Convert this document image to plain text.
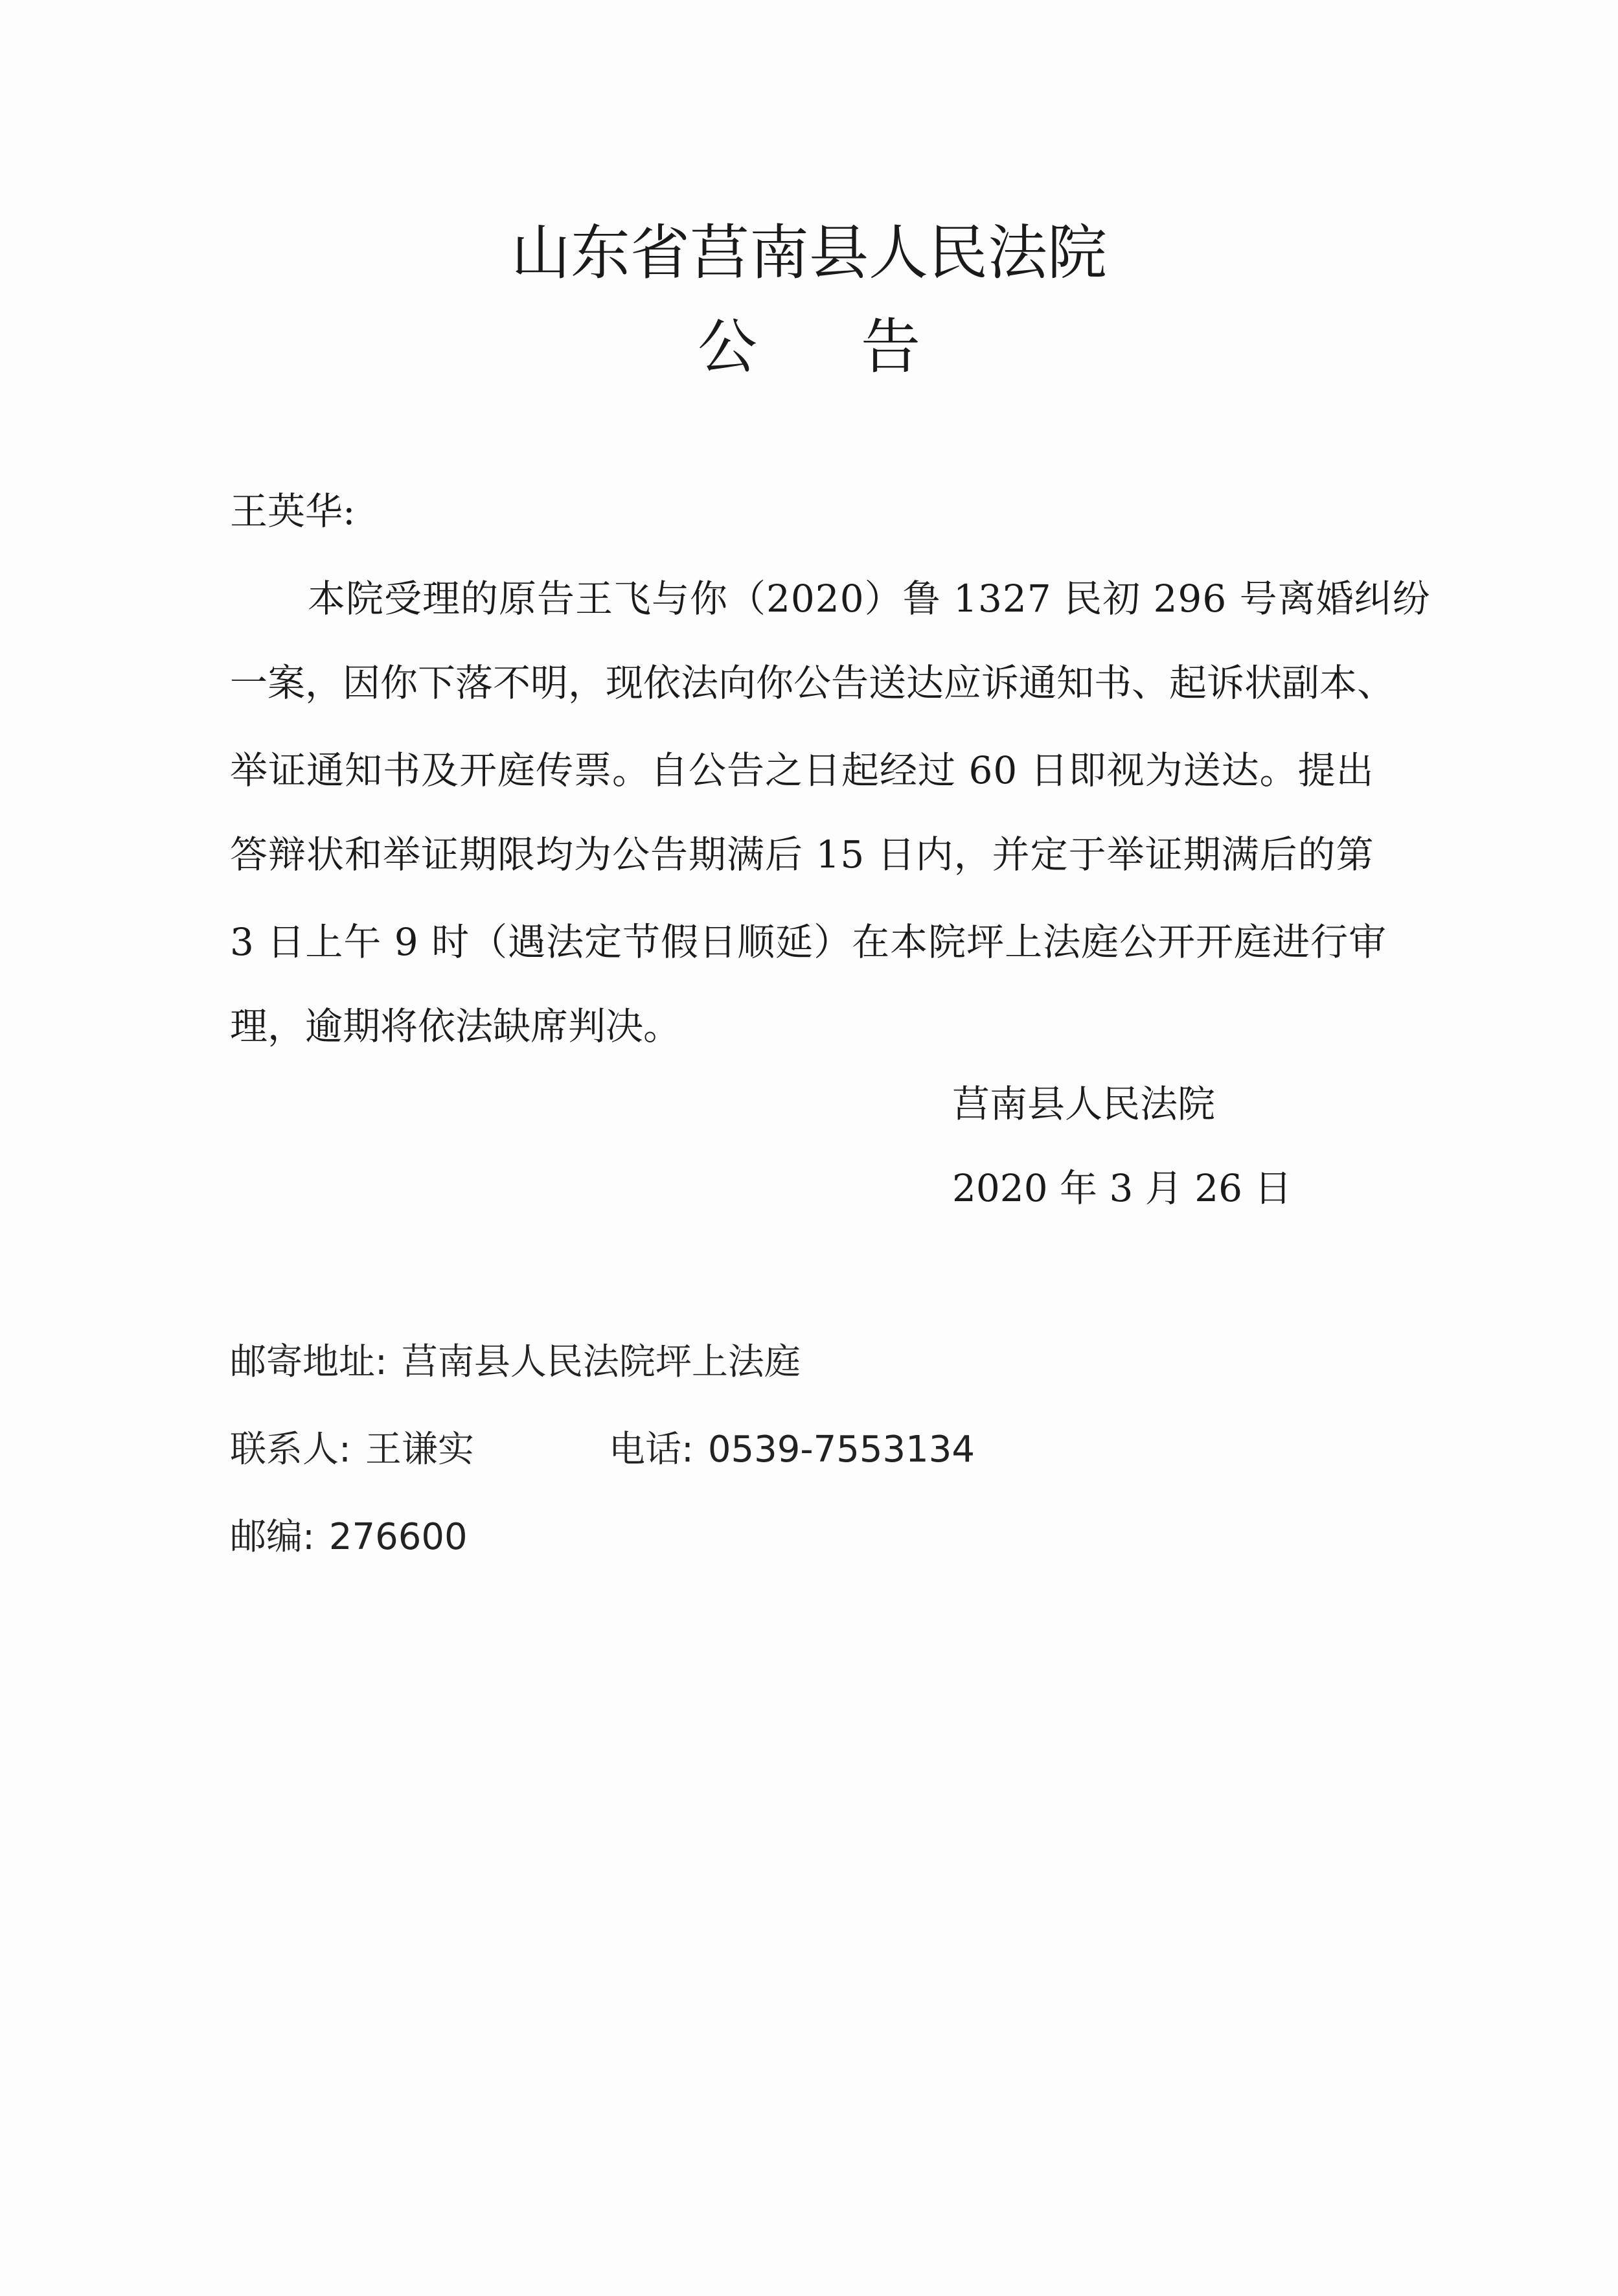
山东省莒南县人民法院
公告
王英华:
本院受理的原告王飞与你（2020）鲁 1327 民初 296 号离婚纠纷
一案，因你下落不明，现依法向你公告送达应诉通知书、起诉状副本、
举证通知书及开庭传票。自公告之日起经过 60 日即视为送达。提出
答辩状和举证期限均为公告期满后 15 日内，并定于举证期满后的第
3 日上午 9 时（遇法定节假日顺延）在本院坪上法庭公开开庭进行审
理，逾期将依法缺席判决。
莒南县人民法院
2020 年 3 月 26 日
邮寄地址: 莒南县人民法院坪上法庭
联系人: 王谦实	电话: 0539-7553134
邮编: 276600
